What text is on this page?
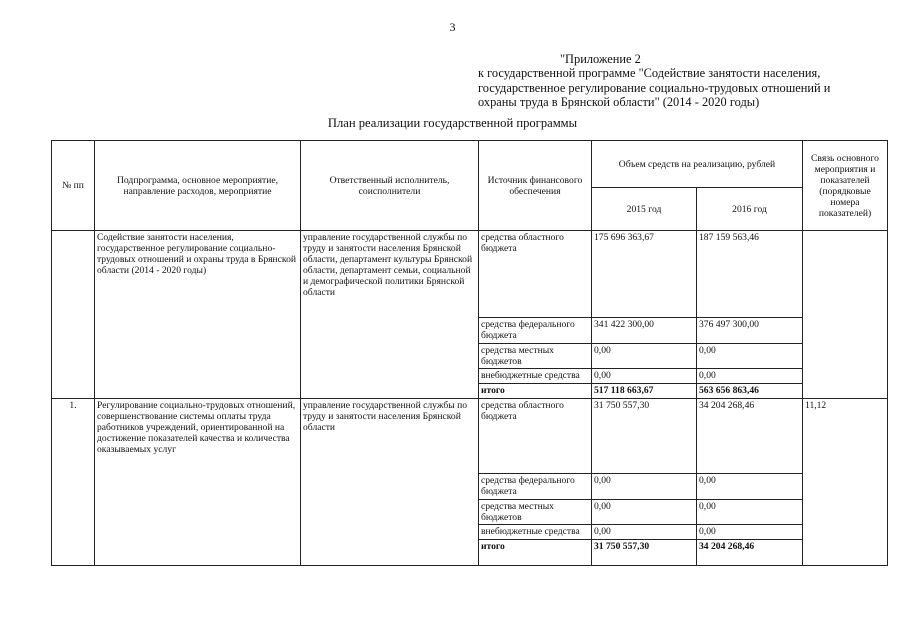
3
"Приложение 2
к государственной программе "Содействие занятости населения,
государственное регулирование социально-трудовых отношений и
охраны труда в Брянской области" (2014 - 2020 годы)
План реализации государственной программы
№ пп	Подпрограмма, основное мероприятие, направление расходов, мероприятие	Ответственный исполнитель, соисполнители	Источник финансового обеспечения	Объем средств на реализацию, рублей		Связь основного мероприятия и показателей (порядковые номера показателей)
				2015 год	2016 год	
	Содействие занятости населения, государственное регулирование социально-трудовых отношений и охраны труда в Брянской области (2014 - 2020 годы)	управление государственной службы по труду и занятости населения Брянской области, департамент культуры Брянской области, департамент семьи, социальной и демографической политики Брянской области	средства областного бюджета	175 696 363,67	187 159 563,46	
			средства федерального бюджета	341 422 300,00	376 497 300,00	
			средства местных бюджетов	0,00	0,00	
			внебюджетные средства	0,00	0,00	
			итого	517 118 663,67	563 656 863,46	
1.	Регулирование социально-трудовых отношений, совершенствование системы оплаты труда работников учреждений, ориентированной на достижение показателей качества и количества оказываемых услуг	управление государственной службы по труду и занятости населения Брянской области	средства областного бюджета	31 750 557,30	34 204 268,46	11,12
			средства федерального бюджета	0,00	0,00	
			средства местных бюджетов	0,00	0,00	
			внебюджетные средства	0,00	0,00	
			итого	31 750 557,30	34 204 268,46	
